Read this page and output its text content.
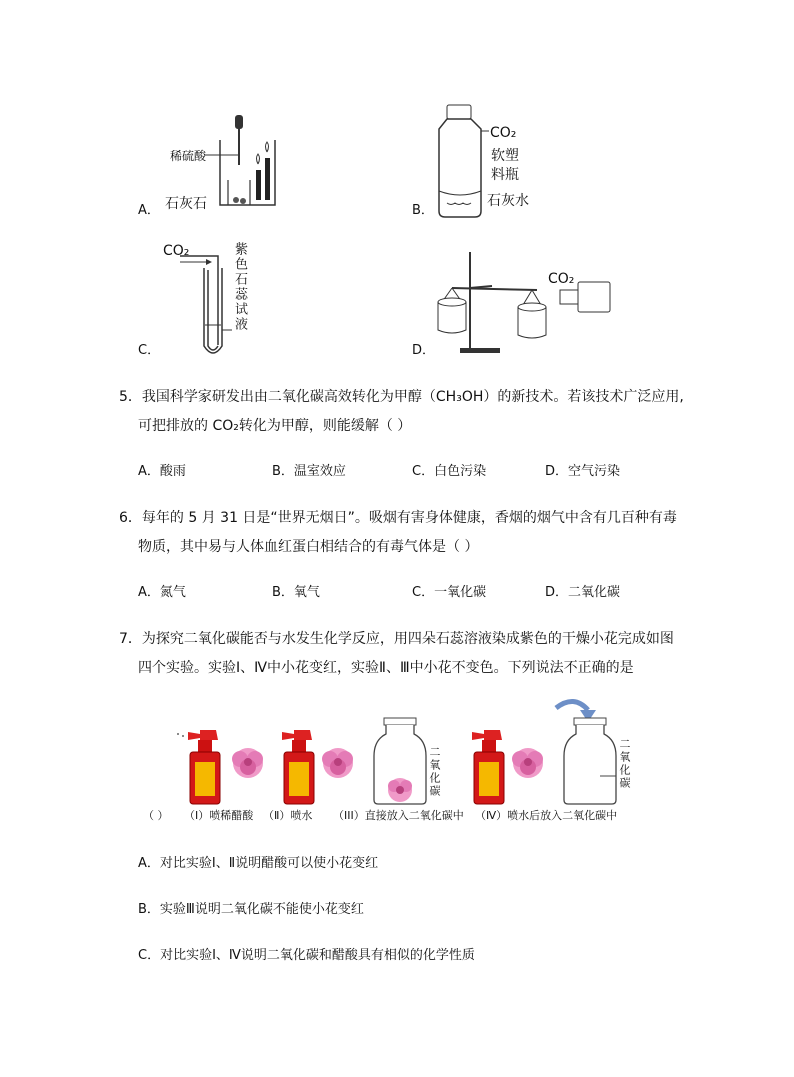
稀硫酸
石灰石
A．
CO₂
软塑
料瓶
石灰水
B．
CO₂	紫色石蕊试液
C．
CO₂
D．
5．我国科学家研发出由二氧化碳高效转化为甲醇（CH₃OH）的新技术。若该技术广泛应用,
可把排放的 CO₂转化为甲醇，则能缓解（ ）
A．酸雨	B．温室效应	C．白色污染	D．空气污染
6．每年的 5 月 31 日是“世界无烟日”。吸烟有害身体健康，香烟的烟气中含有几百种有毒
物质，其中易与人体血红蛋白相结合的有毒气体是（ ）
A．氮气	B．氧气	C．一氧化碳	D．二氧化碳
7．为探究二氧化碳能否与水发生化学反应，用四朵石蕊溶液染成紫色的干燥小花完成如图
四个实验。实验Ⅰ、Ⅳ中小花变红，实验Ⅱ、Ⅲ中小花不变色。下列说法不正确的是
二氧化碳	二氧化碳
（ ） （I）喷稀醋酸 （Ⅱ）喷水 （III）直接放入二氧化碳中 （Ⅳ）喷水后放入二氧化碳中
A．对比实验Ⅰ、Ⅱ说明醋酸可以使小花变红
B．实验Ⅲ说明二氧化碳不能使小花变红
C．对比实验Ⅰ、Ⅳ说明二氧化碳和醋酸具有相似的化学性质
